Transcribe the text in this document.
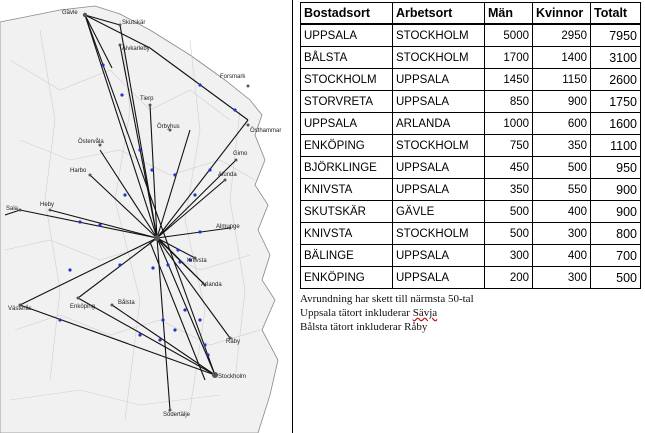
Gävle
Skutskär
Älvkarleby
Forsmark
Tierp
Örbyhus
Östhammar
Östervåla
Gimo
Harbo
Alunda
Sala
Heby
Almunge
Knivsta
Arlanda
Västerås	Enköping
Bålsta
Råby
Stockholm
Södertälje
Bostadsort	Arbetsort	Män	Kvinnor	Totalt
UPPSALA	STOCKHOLM	5000	2950	7950
BÅLSTA	STOCKHOLM	1700	1400	3100
STOCKHOLM	UPPSALA	1450	1150	2600
STORVRETA	UPPSALA	850	900	1750
UPPSALA	ARLANDA	1000	600	1600
ENKÖPING	STOCKHOLM	750	350	1100
BJÖRKLINGE	UPPSALA	450	500	950
KNIVSTA	UPPSALA	350	550	900
SKUTSKÄR	GÄVLE	500	400	900
KNIVSTA	STOCKHOLM	500	300	800
BÄLINGE	UPPSALA	300	400	700
ENKÖPING	UPPSALA	200	300	500
Avrundning har skett till närmsta 50-tal
Uppsala tätort inkluderar Sävja
Bålsta tätort inkluderar Råby
